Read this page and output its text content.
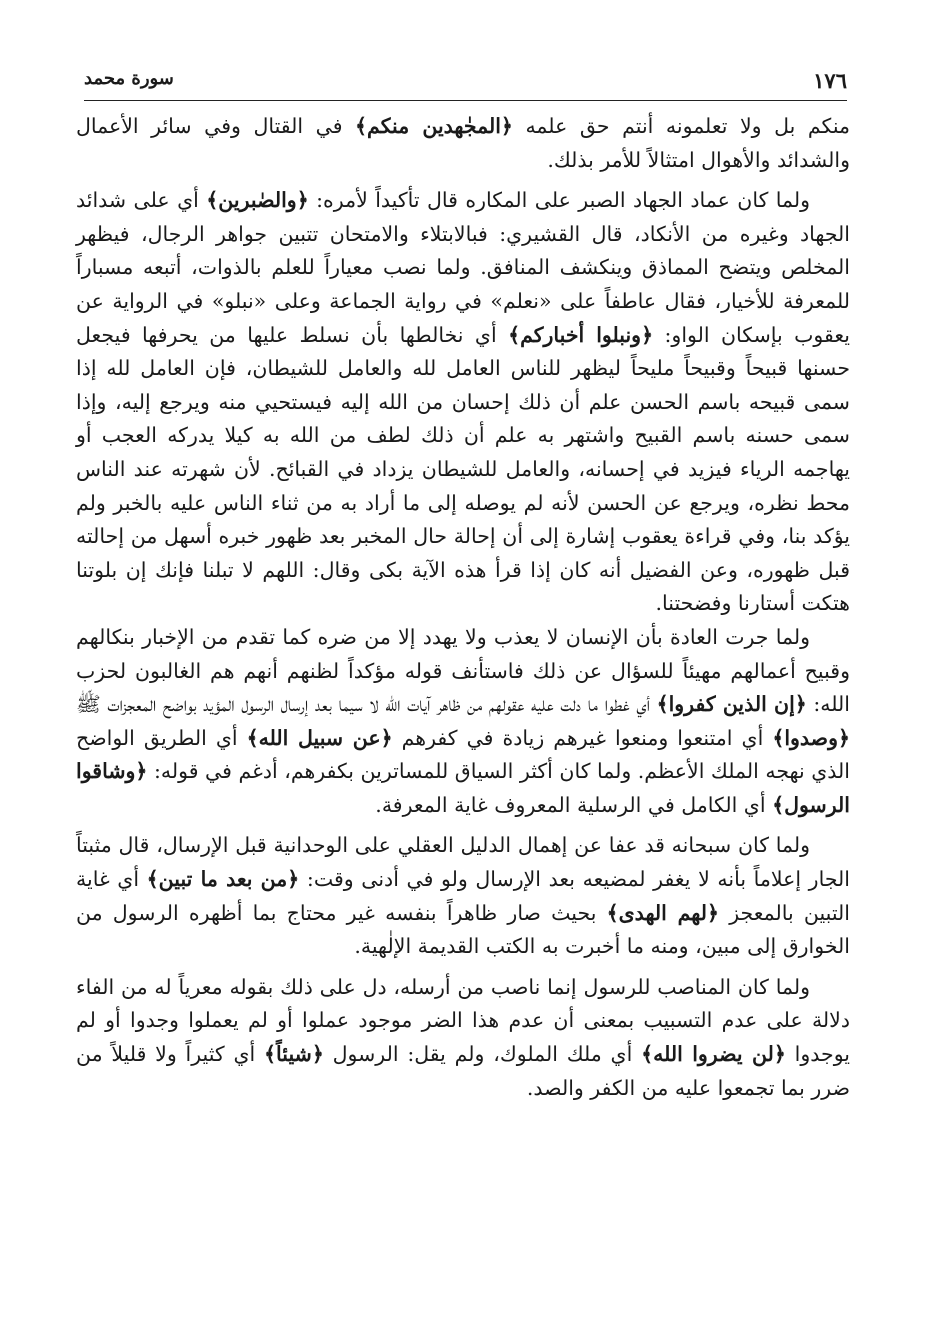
١٧٦
سورة محمد

منكم بل ولا تعلمونه أنتم حق علمه ﴿المجٰهدين منكم﴾ في القتال وفي سائر الأعمال والشدائد والأهوال امتثالاً للأمر بذلك.

ولما كان عماد الجهاد الصبر على المكاره قال تأكيداً لأمره: ﴿والصٰبرين﴾ أي على شدائد الجهاد وغيره من الأنكاد، قال القشيري: فبالابتلاء والامتحان تتبين جواهر الرجال، فيظهر المخلص ويتضح المماذق وينكشف المنافق. ولما نصب معياراً للعلم بالذوات، أتبعه مسباراً للمعرفة للأخيار، فقال عاطفاً على «نعلم» في رواية الجماعة وعلى «نبلو» في الرواية عن يعقوب بإسكان الواو: ﴿ونبلوا أخباركم﴾ أي نخالطها بأن نسلط عليها من يحرفها فيجعل حسنها قبيحاً وقبيحاً مليحاً ليظهر للناس العامل لله والعامل للشيطان، فإن العامل لله إذا سمى قبيحه باسم الحسن علم أن ذلك إحسان من الله إليه فيستحيي منه ويرجع إليه، وإذا سمى حسنه باسم القبيح واشتهر به علم أن ذلك لطف من الله به كيلا يدركه العجب أو يهاجمه الرياء فيزيد في إحسانه، والعامل للشيطان يزداد في القبائح. لأن شهرته عند الناس محط نظره، ويرجع عن الحسن لأنه لم يوصله إلى ما أراد به من ثناء الناس عليه بالخبر ولم يؤكد بنا، وفي قراءة يعقوب إشارة إلى أن إحالة حال المخبر بعد ظهور خبره أسهل من إحالته قبل ظهوره، وعن الفضيل أنه كان إذا قرأ هذه الآية بكى وقال: اللهم لا تبلنا فإنك إن بلوتنا هتكت أستارنا وفضحتنا.

ولما جرت العادة بأن الإنسان لا يعذب ولا يهدد إلا من ضره كما تقدم من الإخبار بنكالهم وقبيح أعمالهم مهيئاً للسؤال عن ذلك فاستأنف قوله مؤكداً لظنهم أنهم هم الغالبون لحزب الله: ﴿إن الذين كفروا﴾ أي غطوا ما دلت عليه عقولهم من ظاهر آيات الله لا سيما بعد إرسال الرسول المؤيد بواضح المعجزات ﷺ ﴿وصدوا﴾ أي امتنعوا ومنعوا غيرهم زيادة في كفرهم ﴿عن سبيل الله﴾ أي الطريق الواضح الذي نهجه الملك الأعظم. ولما كان أكثر السياق للمساترين بكفرهم، أدغم في قوله: ﴿وشاقوا الرسول﴾ أي الكامل في الرسلية المعروف غاية المعرفة.

ولما كان سبحانه قد عفا عن إهمال الدليل العقلي على الوحدانية قبل الإرسال، قال مثبتاً الجار إعلاماً بأنه لا يغفر لمضيعه بعد الإرسال ولو في أدنى وقت: ﴿من بعد ما تبين﴾ أي غاية التبين بالمعجز ﴿لهم الهدى﴾ بحيث صار ظاهراً بنفسه غير محتاج بما أظهره الرسول من الخوارق إلى مبين، ومنه ما أخبرت به الكتب القديمة الإلٰهية.

ولما كان المناصب للرسول إنما ناصب من أرسله، دل على ذلك بقوله معرياً له من الفاء دلالة على عدم التسبيب بمعنى أن عدم هذا الضر موجود عملوا أو لم يعملوا وجدوا أو لم يوجدوا ﴿لن يضروا الله﴾ أي ملك الملوك، ولم يقل: الرسول ﴿شيئاً﴾ أي كثيراً ولا قليلاً من ضرر بما تجمعوا عليه من الكفر والصد.
